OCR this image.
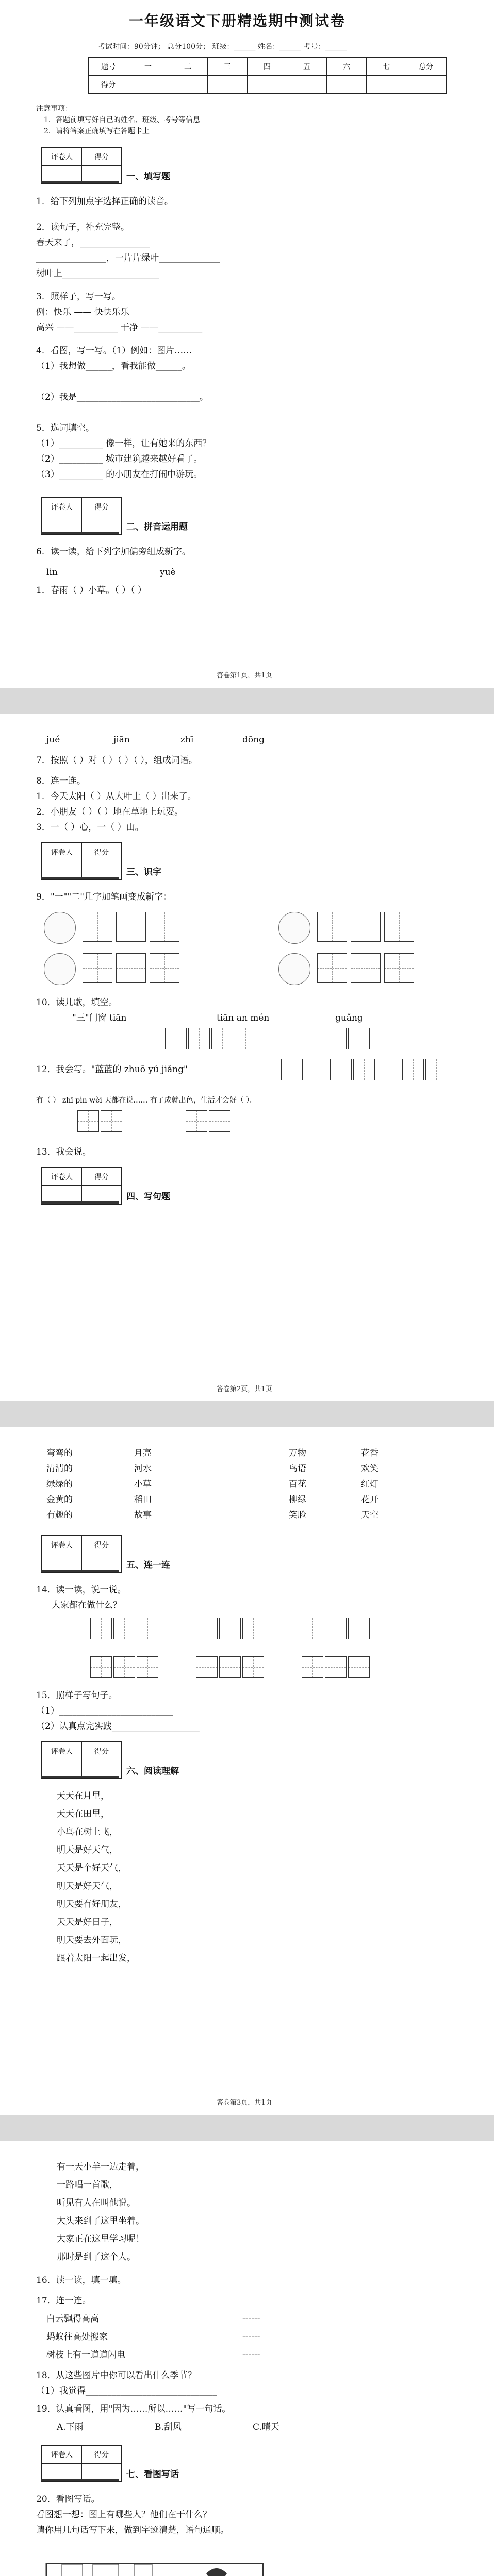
一年级语文下册精选期中测试卷
考试时间：90分钟； 总分100分； 班级：______ 姓名：______ 考号：______
题号	一	二	三	四	五	六	七	总分
得分								
注意事项：
1．答题前填写好自己的姓名、班级、考号等信息
2．请将答案正确填写在答题卡上
评卷人	得分

一、填写题
1．给下列加点字选择正确的读音。
2．读句子，补充完整。
春天来了，________________
________________，一片片绿叶______________
树叶上______________________
3．照样子，写一写。
例：快乐 —— 快快乐乐
高兴 ——__________ 干净 ——__________
4．看图，写一写。（1）例如：图片……
（1）我想做______，看我能做______。
（2）我是____________________________。
5．选词填空。
（1）__________ 像一样，让有她来的东西？
（2）__________ 城市建筑越来越好看了。
（3）__________ 的小朋友在打闹中游玩。
评卷人	得分

二、拼音运用题
6．读一读，给下列字加偏旁组成新字。
lin	yuè
1．春雨（ ）小草。（ ）（ ）
答卷第1页，共1页
jué	jiān	zhī	dōng
7．按照（ ）对（ ）（ ）（ ），组成词语。
8．连一连。
1．今天太阳（ ）从大叶上（ ）出来了。
2．小朋友（ ）（ ）地在草地上玩耍。
3．一（ ）心，一（ ）山。
评卷人	得分

三、识字
9．"一""二"几字加笔画变成新字：
10．读儿歌，填空。
"三"门窗 tiān	tiān an mén	guǎng
12．我会写。"蓝蓝的 zhuō yú jiǎng"
有（ ） zhī pìn wèi 天都在说…… 有了成就出色，生活才会好（ ）。
13．我会说。
评卷人	得分

四、写句题
答卷第2页，共1页
弯弯的	月亮	万物	花香
清清的	河水	鸟语	欢笑
绿绿的	小草	百花	红灯
金黄的	稻田	柳绿	花开
有趣的	故事	笑脸	天空
评卷人	得分

五、连一连
14．读一读，说一说。
大家都在做什么？
15．照样子写句子。
（1）__________________________
（2）认真点完实践____________________
评卷人	得分

六、阅读理解
天天在月里，
天天在田里，
小鸟在树上飞，
明天是好天气，
天天是个好天气，
明天是好天气，
明天要有好朋友，
天天是好日子，
明天要去外面玩，
跟着太阳一起出发，
答卷第3页，共1页
有一天小羊一边走着，
一路唱一首歌，
听见有人在叫他说。
大头来到了这里坐着。
大家正在这里学习呢！
那时是到了这个人。
16．读一读，填一填。
17．连一连。
白云飘得高高	------
蚂蚁往高处搬家	------
树枝上有一道道闪电	------
18．从这些图片中你可以看出什么季节？
（1）我觉得______________________________
19．认真看图，用"因为……所以……"写一句话。
A.下雨	B.刮风	C.晴天
评卷人	得分

七、看图写话
20．看图写话。
看图想一想：图上有哪些人？他们在干什么？
请你用几句话写下来，做到字迹清楚，语句通顺。
